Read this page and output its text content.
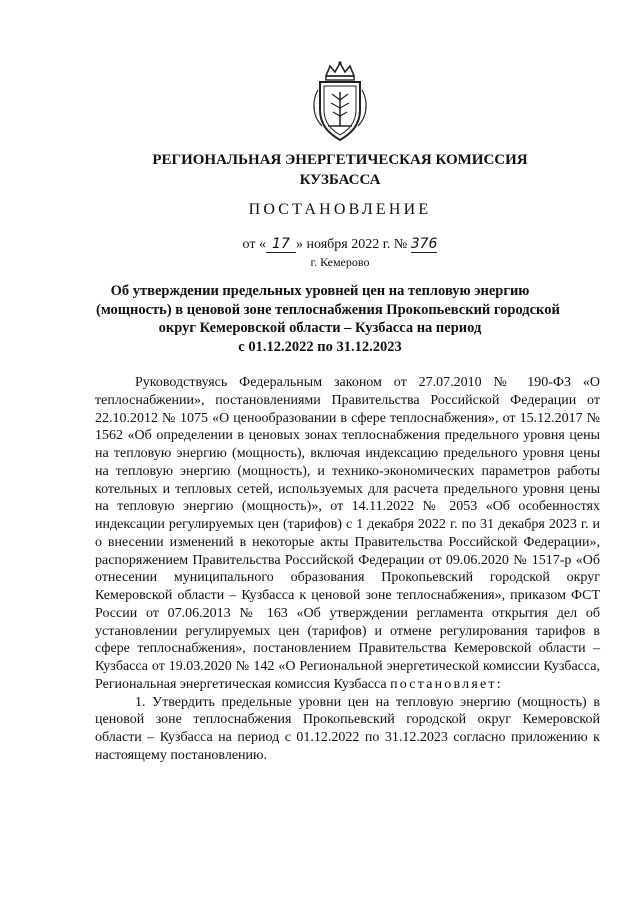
РЕГИОНАЛЬНАЯ ЭНЕРГЕТИЧЕСКАЯ КОМИССИЯ
КУЗБАССА
ПОСТАНОВЛЕНИЕ
от « 17 » ноября 2022 г. № 376
г. Кемерово
Об утверждении предельных уровней цен на тепловую энергию
(мощность) в ценовой зоне теплоснабжения Прокопьевский городской
округ Кемеровской области – Кузбасса на период
с 01.12.2022 по 31.12.2023

Руководствуясь Федеральным законом от 27.07.2010 № 190-ФЗ «О теплоснабжении», постановлениями Правительства Российской Федерации от 22.10.2012 № 1075 «О ценообразовании в сфере теплоснабжения», от 15.12.2017 № 1562 «Об определении в ценовых зонах теплоснабжения предельного уровня цены на тепловую энергию (мощность), включая индексацию предельного уровня цены на тепловую энергию (мощность), и технико-экономических параметров работы котельных и тепловых сетей, используемых для расчета предельного уровня цены на тепловую энергию (мощность)», от 14.11.2022 № 2053 «Об особенностях индексации регулируемых цен (тарифов) с 1 декабря 2022 г. по 31 декабря 2023 г. и о внесении изменений в некоторые акты Правительства Российской Федерации», распоряжением Правительства Российской Федерации от 09.06.2020 № 1517-р «Об отнесении муниципального образования Прокопьевский городской округ Кемеровской области – Кузбасса к ценовой зоне теплоснабжения», приказом ФСТ России от 07.06.2013 № 163 «Об утверждении регламента открытия дел об установлении регулируемых цен (тарифов) и отмене регулирования тарифов в сфере теплоснабжения», постановлением Правительства Кемеровской области – Кузбасса от 19.03.2020 № 142 «О Региональной энергетической комиссии Кузбасса, Региональная энергетическая комиссия Кузбасса постановляет:

1. Утвердить предельные уровни цен на тепловую энергию (мощность) в ценовой зоне теплоснабжения Прокопьевский городской округ Кемеровской области – Кузбасса на период с 01.12.2022 по 31.12.2023 согласно приложению к настоящему постановлению.
